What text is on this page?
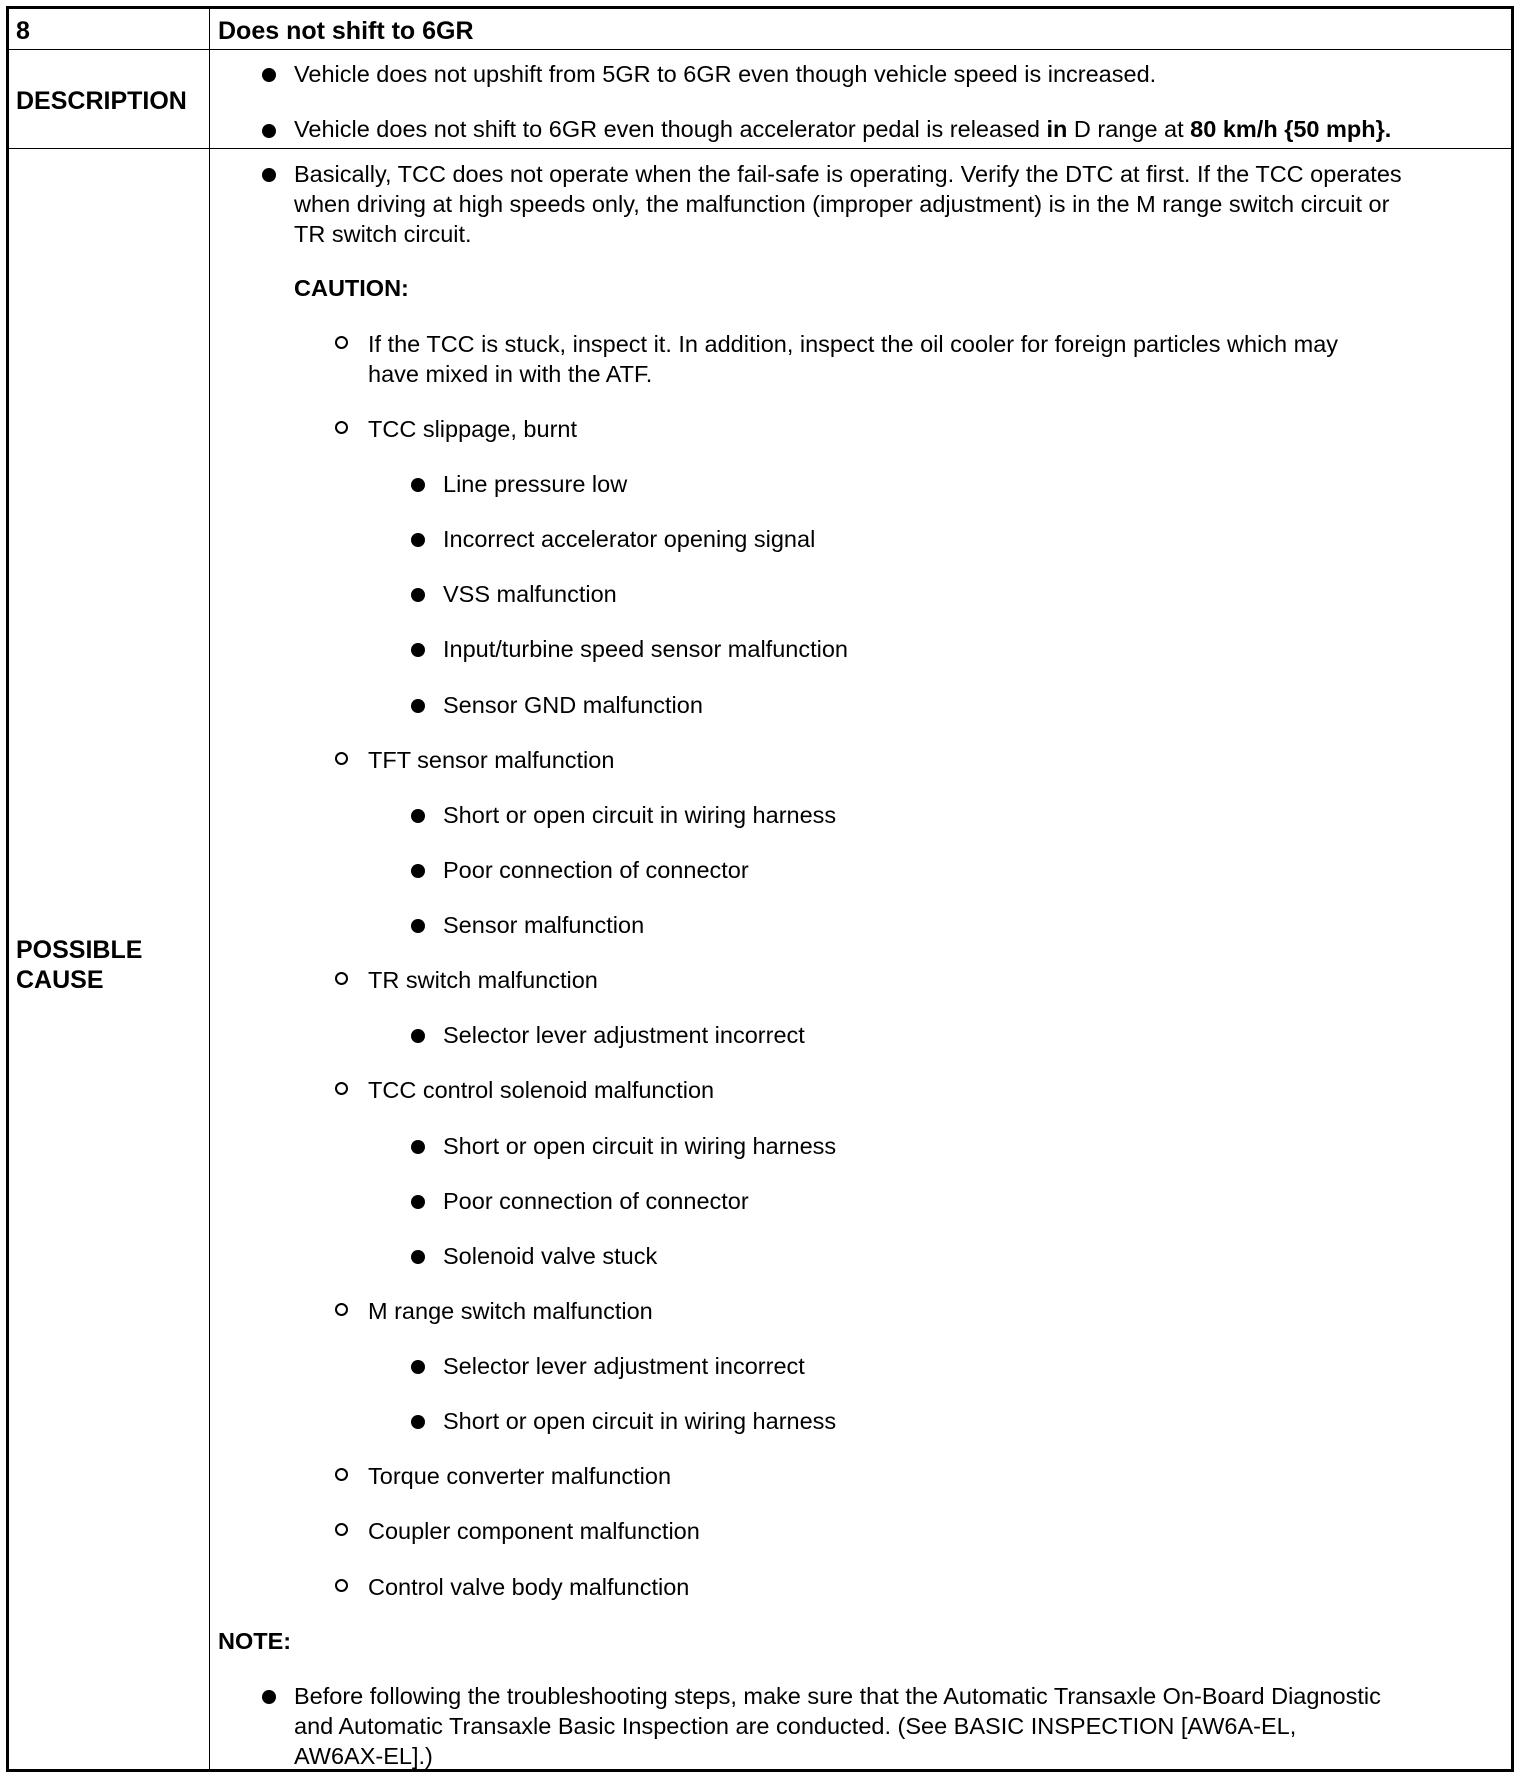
8	Does not shift to 6GR
DESCRIPTION
Vehicle does not upshift from 5GR to 6GR even though vehicle speed is increased.
Vehicle does not shift to 6GR even though accelerator pedal is released in D range at 80 km/h {50 mph}.
POSSIBLE
CAUSE
Basically, TCC does not operate when the fail-safe is operating. Verify the DTC at first. If the TCC operates
when driving at high speeds only, the malfunction (improper adjustment) is in the M range switch circuit or
TR switch circuit.
CAUTION:
If the TCC is stuck, inspect it. In addition, inspect the oil cooler for foreign particles which may
have mixed in with the ATF.
TCC slippage, burnt
Line pressure low
Incorrect accelerator opening signal
VSS malfunction
Input/turbine speed sensor malfunction
Sensor GND malfunction
TFT sensor malfunction
Short or open circuit in wiring harness
Poor connection of connector
Sensor malfunction
TR switch malfunction
Selector lever adjustment incorrect
TCC control solenoid malfunction
Short or open circuit in wiring harness
Poor connection of connector
Solenoid valve stuck
M range switch malfunction
Selector lever adjustment incorrect
Short or open circuit in wiring harness
Torque converter malfunction
Coupler component malfunction
Control valve body malfunction
NOTE:
Before following the troubleshooting steps, make sure that the Automatic Transaxle On-Board Diagnostic
and Automatic Transaxle Basic Inspection are conducted. (See BASIC INSPECTION [AW6A-EL,
AW6AX-EL].)
